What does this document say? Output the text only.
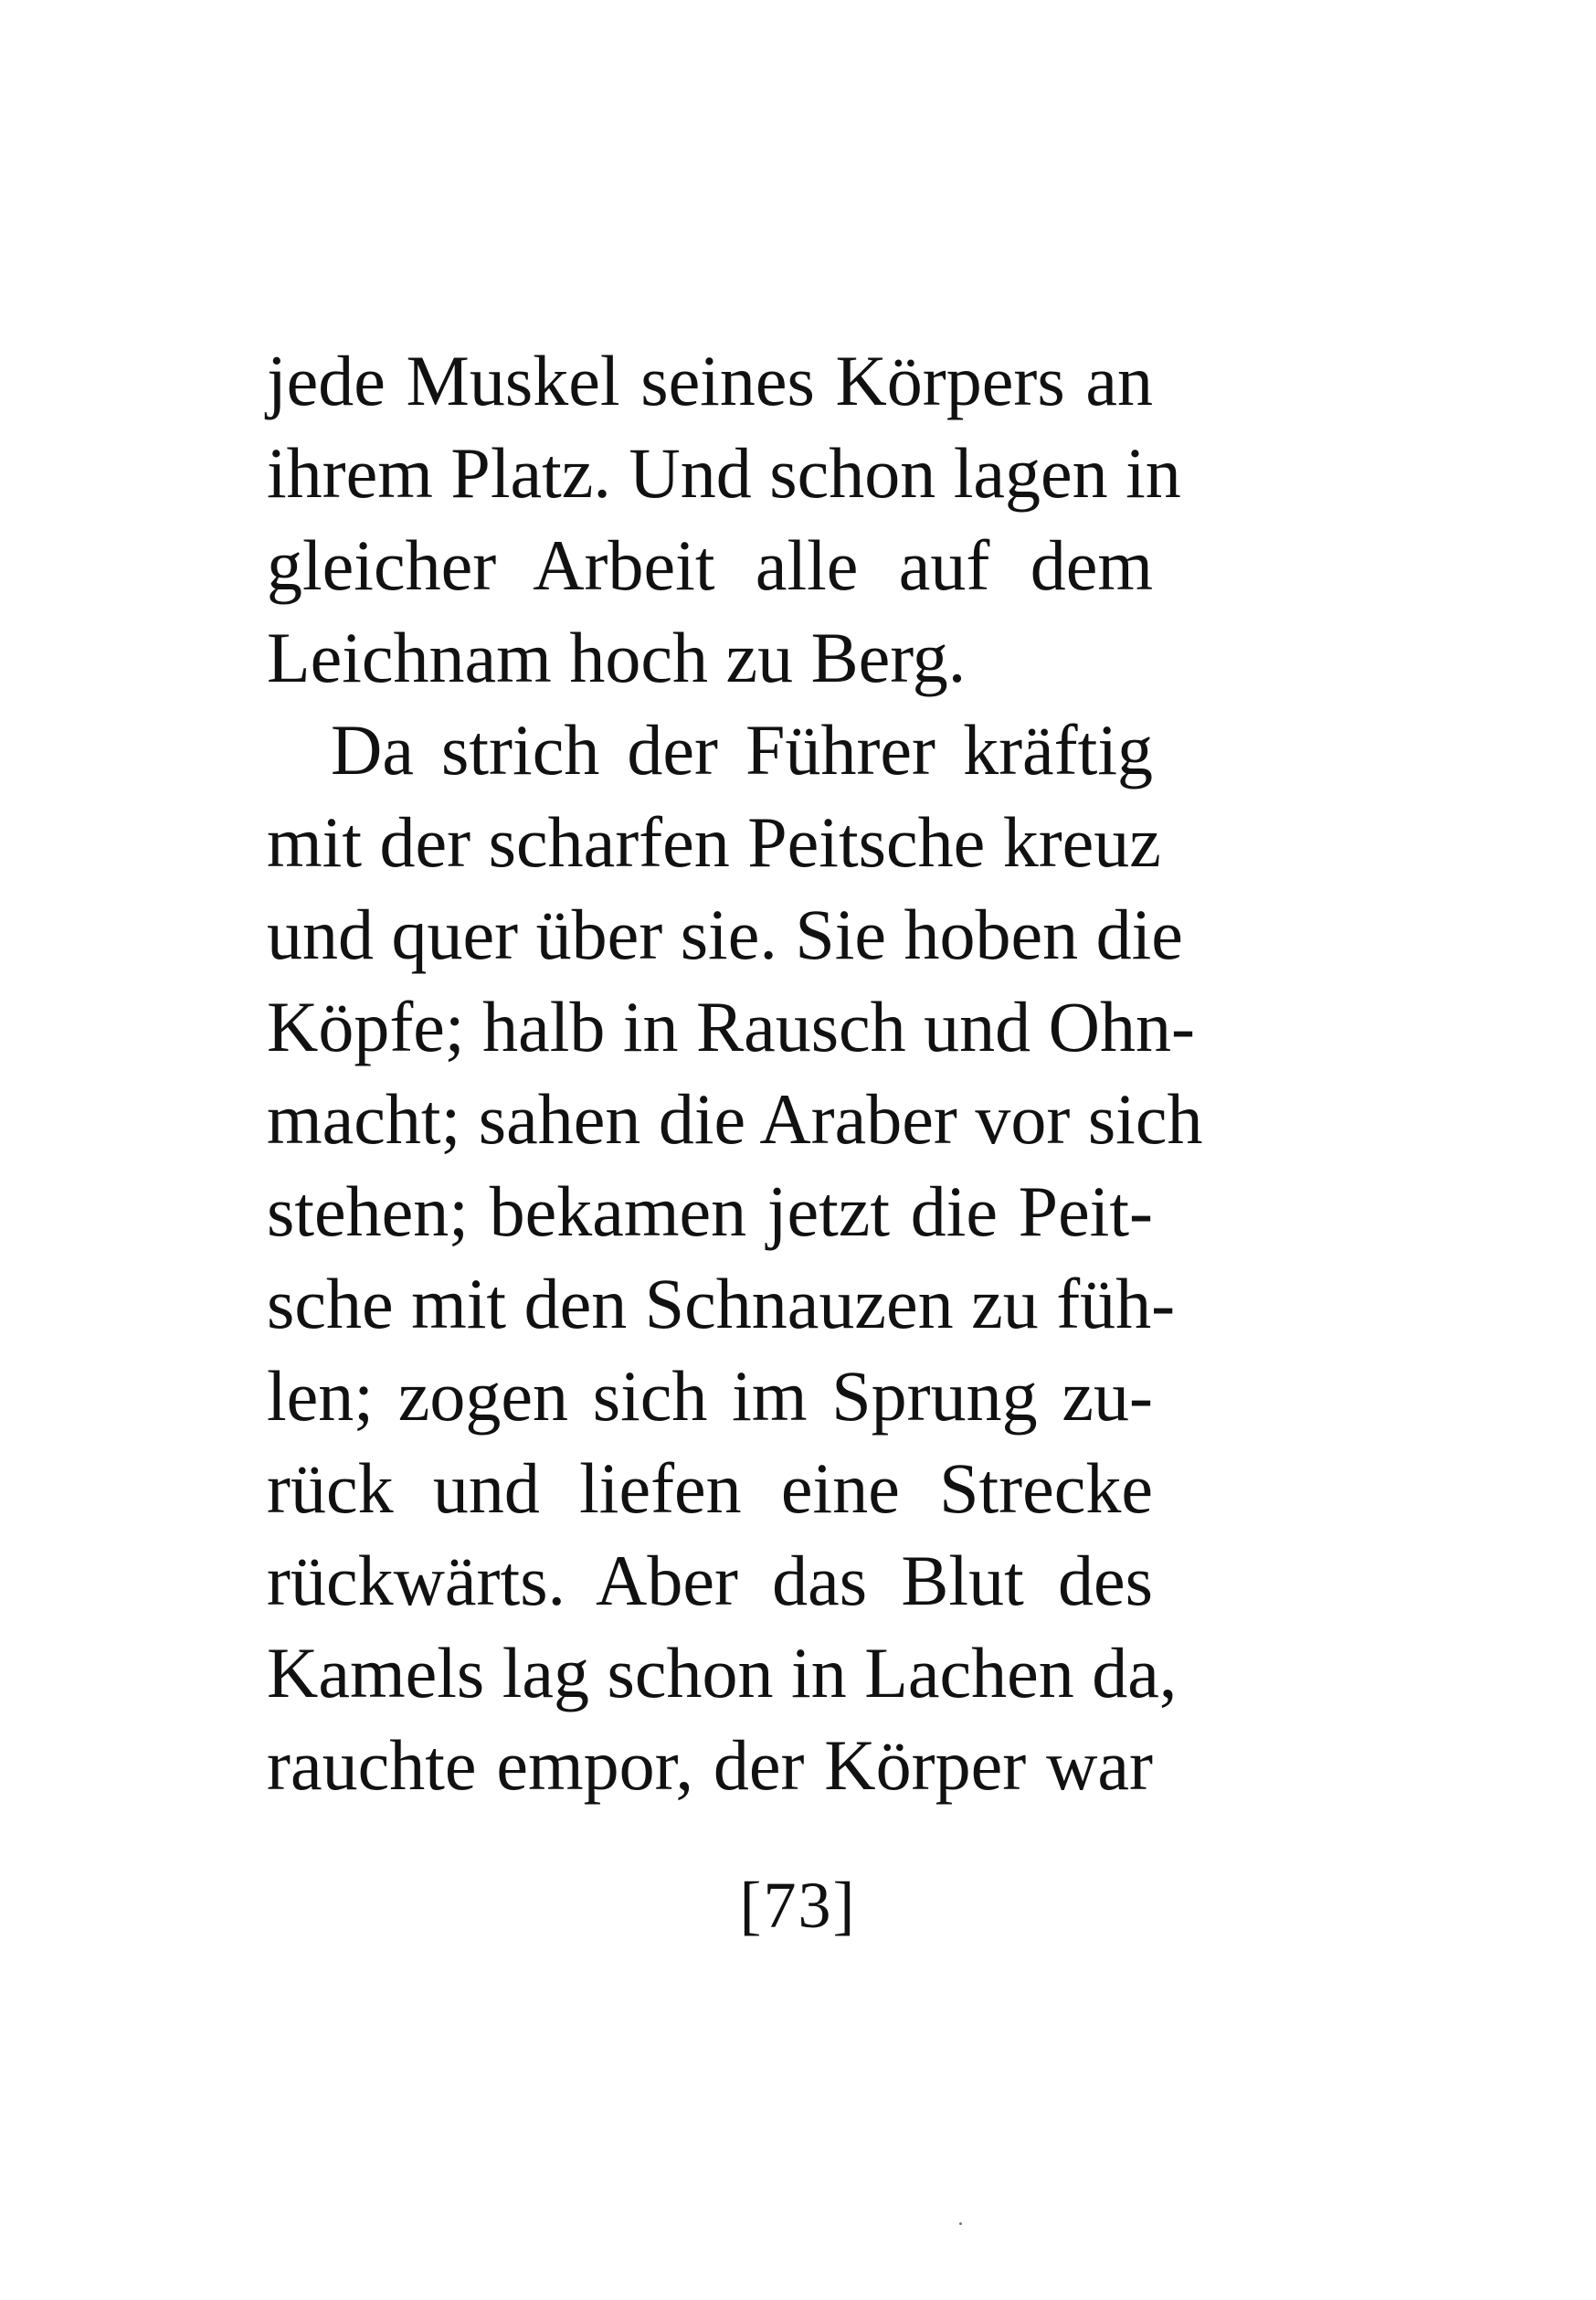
jede Muskel seines Körpers an
ihrem Platz. Und schon lagen in
gleicher Arbeit alle auf dem
Leichnam hoch zu Berg.
Da strich der Führer kräftig
mit der scharfen Peitsche kreuz
und quer über sie. Sie hoben die
Köpfe; halb in Rausch und Ohn-
macht; sahen die Araber vor sich
stehen; bekamen jetzt die Peit-
sche mit den Schnauzen zu füh-
len; zogen sich im Sprung zu-
rück und liefen eine Strecke
rückwärts. Aber das Blut des
Kamels lag schon in Lachen da,
rauchte empor, der Körper war
[73]
